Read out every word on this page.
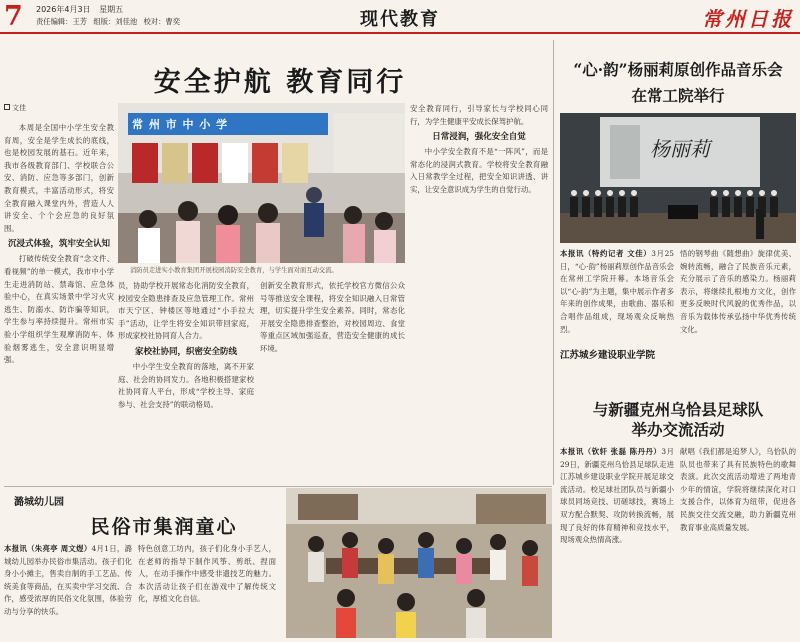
7 2026年4月3日 星期五
责任编辑：王芳 组版：刘佳池 校对：曹奕	现代教育	常州日报
安全护航 教育同行
文佳

本周是全国中小学生安全教育周，安全是学生成长的底线，也是校园发展的基石。近年来，我市各级教育部门、学校联合公安、消防、应急等多部门，创新教育模式，丰富活动形式，将安全教育融入课堂内外，营造人人讲安全、个个会应急的良好氛围。

沉浸式体验，筑牢安全认知

打破传统安全教育“念文件、看视频”的单一模式，我市中小学生走进消防站、禁毒馆、应急体验中心，在真实场景中学习火灾逃生、防溺水、防诈骗等知识，学生参与率持续提升。常州市实验小学组织学生观摩消防车、体验烟雾逃生，安全意识明显增强。

常 州 市 中 小 学
消防员走进实小教育集团开展校园消防安全教育，与学生面对面互动交流。

员，协助学校开展常态化消防安全教育，校园安全隐患排查及应急管理工作。常州市天宁区、钟楼区等地通过“小手拉大手”活动，让学生将安全知识带回家庭，形成家校社协同育人合力。

家校社协同，织密安全防线

中小学生安全教育的落地，离不开家庭、社会的协同发力。各地积极搭建家校社协同育人平台，形成“学校主导、家庭参与、社会支持”的联动格局。

创新安全教育形式，依托学校官方微信公众号等推送安全课程，将安全知识融入日常管理，切实提升学生安全素养。同时，常态化开展安全隐患排查整治，对校园周边、食堂等重点区域加强巡查，营造安全健康的成长环境。

安全教育同行，引导家长与学校同心同行，为学生健康平安成长保驾护航。

日常浸润，强化安全自觉

中小学安全教育不是“一阵风”，而是常态化的浸润式教育。学校将安全教育融入日常教学全过程，把安全知识讲透、讲实，让安全意识成为学生的自觉行动。

“心·韵”杨丽莉原创作品音乐会
在常工院举行
杨丽莉

本报讯（特约记者 文佳）3月25日，“心·韵”杨丽莉原创作品音乐会在常州工学院开幕。本场音乐会以“心·韵”为主题，集中展示作者多年来的创作成果，由歌曲、器乐和合唱作品组成，现场观众反响热烈。

悟的钢琴曲《随想曲》旋律优美、婉转流畅，融合了民族音乐元素，充分展示了音乐的感染力。杨丽莉表示，将继续扎根地方文化，创作更多反映时代风貌的优秀作品，以音乐为载体传承弘扬中华优秀传统文化。

江苏城乡建设职业学院
与新疆克州乌恰县足球队
举办交流活动

本报讯（钦轩 张磊 陈丹丹）3月29日，新疆克州乌恰县足球队走进江苏城乡建设职业学院开展足球交流活动。校足球社团队员与新疆小球员同场竞技、切磋球技，赛场上双方配合默契、攻防转换流畅，展现了良好的体育精神和竞技水平，现场观众热情高涨。

献唱《我们都是追梦人》，乌恰队的队员也带来了具有民族特色的歌舞表演。此次交流活动增进了两地青少年的情谊，学院将继续深化对口支援合作，以体育为纽带，促进各民族交往交流交融，助力新疆克州教育事业高质量发展。

潞城幼儿园
民俗市集润童心

本报讯（朱亮亭 周文煜）4月1日，潞城幼儿园举办民俗市集活动。孩子们化身小小摊主，售卖自制的手工艺品、传统美食等商品，在买卖中学习交流、合作，感受浓厚的民俗文化氛围，体验劳动与分享的快乐。

特色创意工坊内，孩子们化身小手艺人，在老师的指导下制作风筝、剪纸、捏面人，在动手操作中感受非遗技艺的魅力。本次活动让孩子们在游戏中了解传统文化，厚植文化自信。
